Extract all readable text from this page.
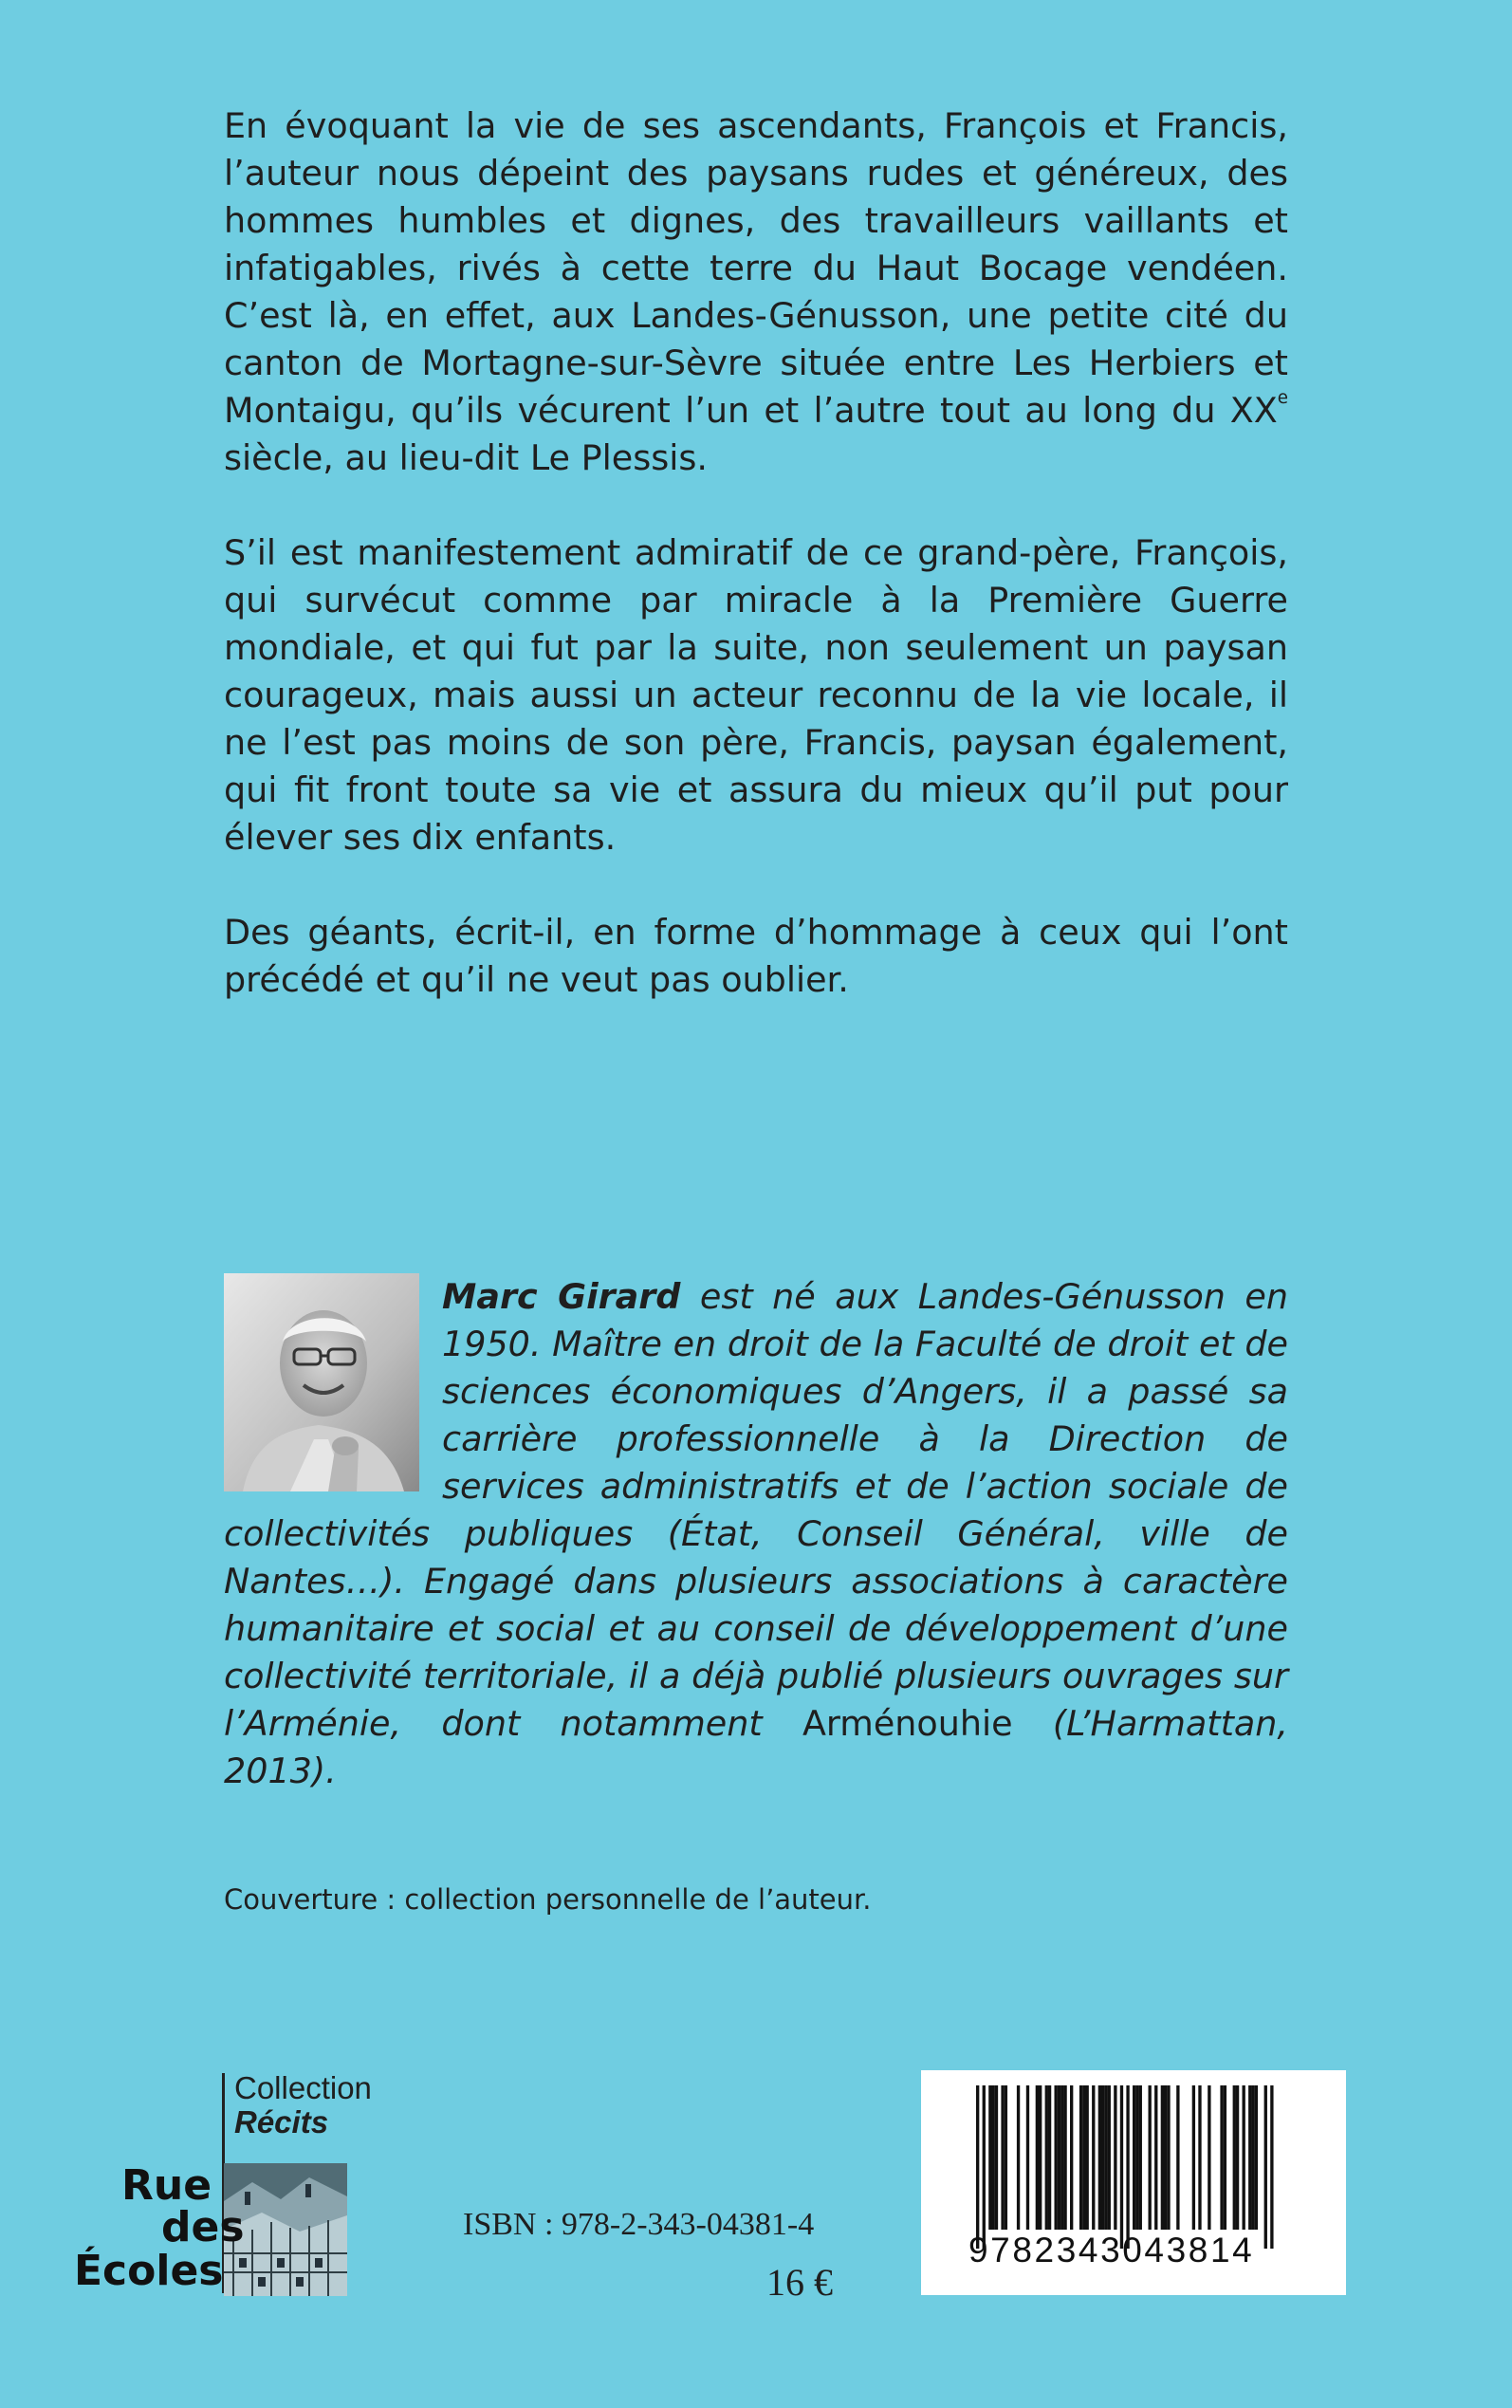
En évoquant la vie de ses ascendants, François et Francis, l’auteur nous dépeint des paysans rudes et généreux, des hommes humbles et dignes, des travailleurs vaillants et infatigables, rivés à cette terre du Haut Bocage vendéen. C’est là, en effet, aux Landes-Génusson, une petite cité du canton de Mortagne-sur-Sèvre située entre Les Herbiers et Montaigu, qu’ils vécurent l’un et l’autre tout au long du XXe siècle, au lieu-dit Le Plessis.

S’il est manifestement admiratif de ce grand-père, François, qui survécut comme par miracle à la Première Guerre mondiale, et qui fut par la suite, non seulement un paysan courageux, mais aussi un acteur reconnu de la vie locale, il ne l’est pas moins de son père, Francis, paysan également, qui fit front toute sa vie et assura du mieux qu’il put pour élever ses dix enfants.

Des géants, écrit-il, en forme d’hommage à ceux qui l’ont précédé et qu’il ne veut pas oublier.

Marc Girard est né aux Landes-Génusson en 1950. Maître en droit de la Faculté de droit et de sciences économiques d’Angers, il a passé sa carrière professionnelle à la Direction de services administratifs et de l’action sociale de collectivités publiques (État, Conseil Général, ville de Nantes…). Engagé dans plusieurs associations à caractère humanitaire et social et au conseil de développement d’une collectivité territoriale, il a déjà publié plusieurs ouvrages sur l’Arménie, dont notamment Arménouhie (L’Harmattan, 2013).

Couverture : collection personnelle de l’auteur.
Collection
Récits
Rue
des
Écoles
ISBN : 978-2-343-04381-4
16 €
9782343043814
